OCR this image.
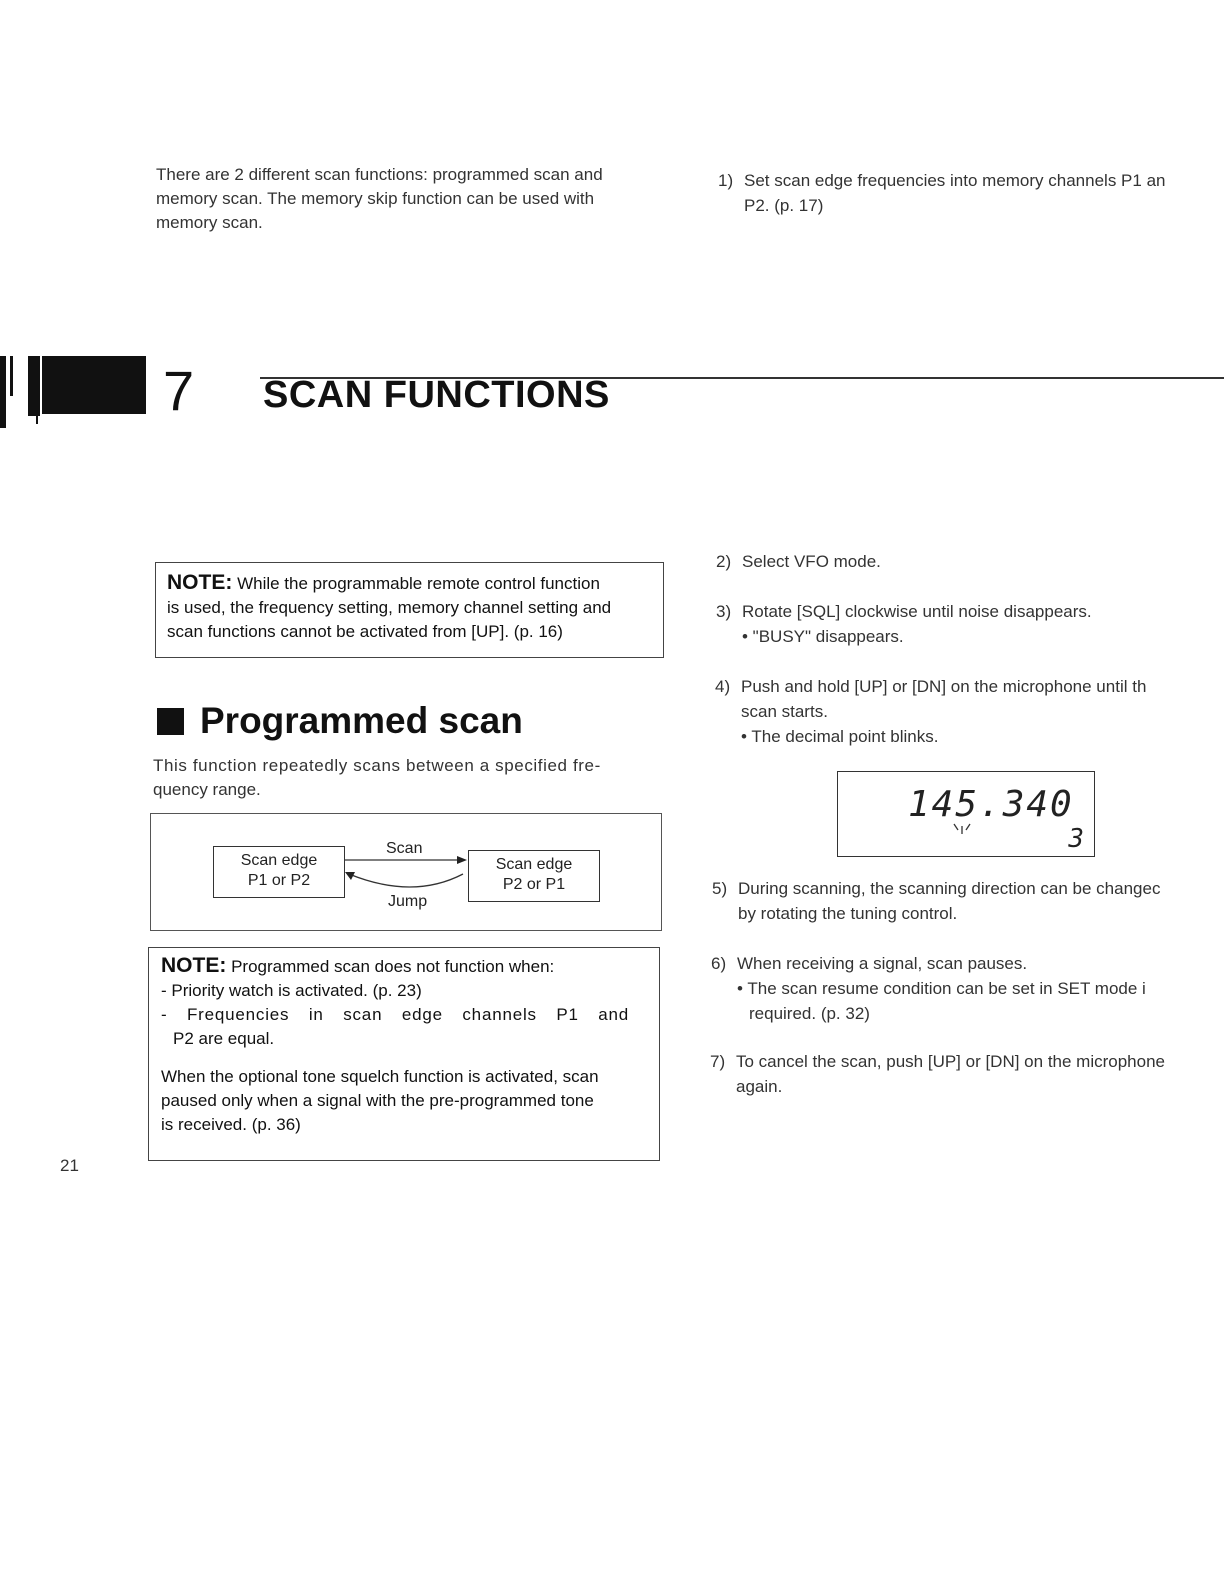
7 SCAN FUNCTIONS
There are 2 different scan functions: programmed scan and
memory scan. The memory skip function can be used with
memory scan.
NOTE: While the programmable remote control function
is used, the frequency setting, memory channel setting and
scan functions cannot be activated from [UP]. (p. 16)
Programmed scan
This function repeatedly scans between a specified fre-
quency range.
Scan edge
P1 or P2
Scan edge
P2 or P1
Scan
Jump
NOTE: Programmed scan does not function when:
- Priority watch is activated. (p. 23)
- Frequencies in scan edge channels P1 and
P2 are equal.
When the optional tone squelch function is activated, scan
paused only when a signal with the pre-programmed tone
is received. (p. 36)
1) Set scan edge frequencies into memory channels P1 an
P2. (p. 17)
2) Select VFO mode.
3) Rotate [SQL] clockwise until noise disappears.
• "BUSY" disappears.
4) Push and hold [UP] or [DN] on the microphone until th
scan starts.
• The decimal point blinks.
145.340
3
5) During scanning, the scanning direction can be changec
by rotating the tuning control.
6) When receiving a signal, scan pauses.
• The scan resume condition can be set in SET mode i
required. (p. 32)
7) To cancel the scan, push [UP] or [DN] on the microphone
again.
21
